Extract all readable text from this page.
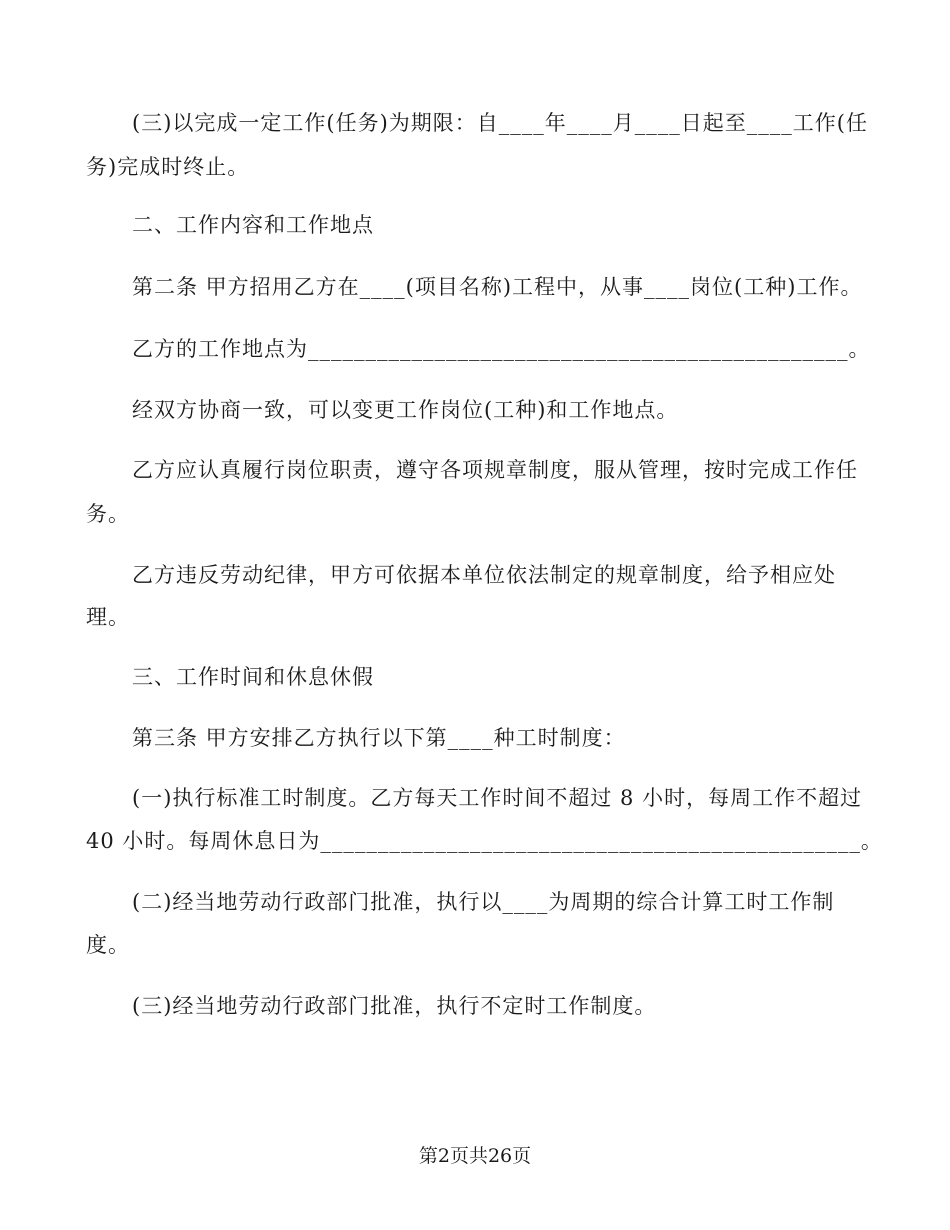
(三)以完成一定工作(任务)为期限：自____年____月____日起至____工作(任
务)完成时终止。
二、工作内容和工作地点
第二条 甲方招用乙方在____(项目名称)工程中，从事____岗位(工种)工作。
乙方的工作地点为_______________________________________________。
经双方协商一致，可以变更工作岗位(工种)和工作地点。
乙方应认真履行岗位职责，遵守各项规章制度，服从管理，按时完成工作任
务。
乙方违反劳动纪律，甲方可依据本单位依法制定的规章制度，给予相应处
理。
三、工作时间和休息休假
第三条 甲方安排乙方执行以下第____种工时制度：
(一)执行标准工时制度。乙方每天工作时间不超过 8 小时，每周工作不超过
40 小时。每周休息日为_______________________________________________。
(二)经当地劳动行政部门批准，执行以____为周期的综合计算工时工作制
度。
(三)经当地劳动行政部门批准，执行不定时工作制度。
第2页共26页
